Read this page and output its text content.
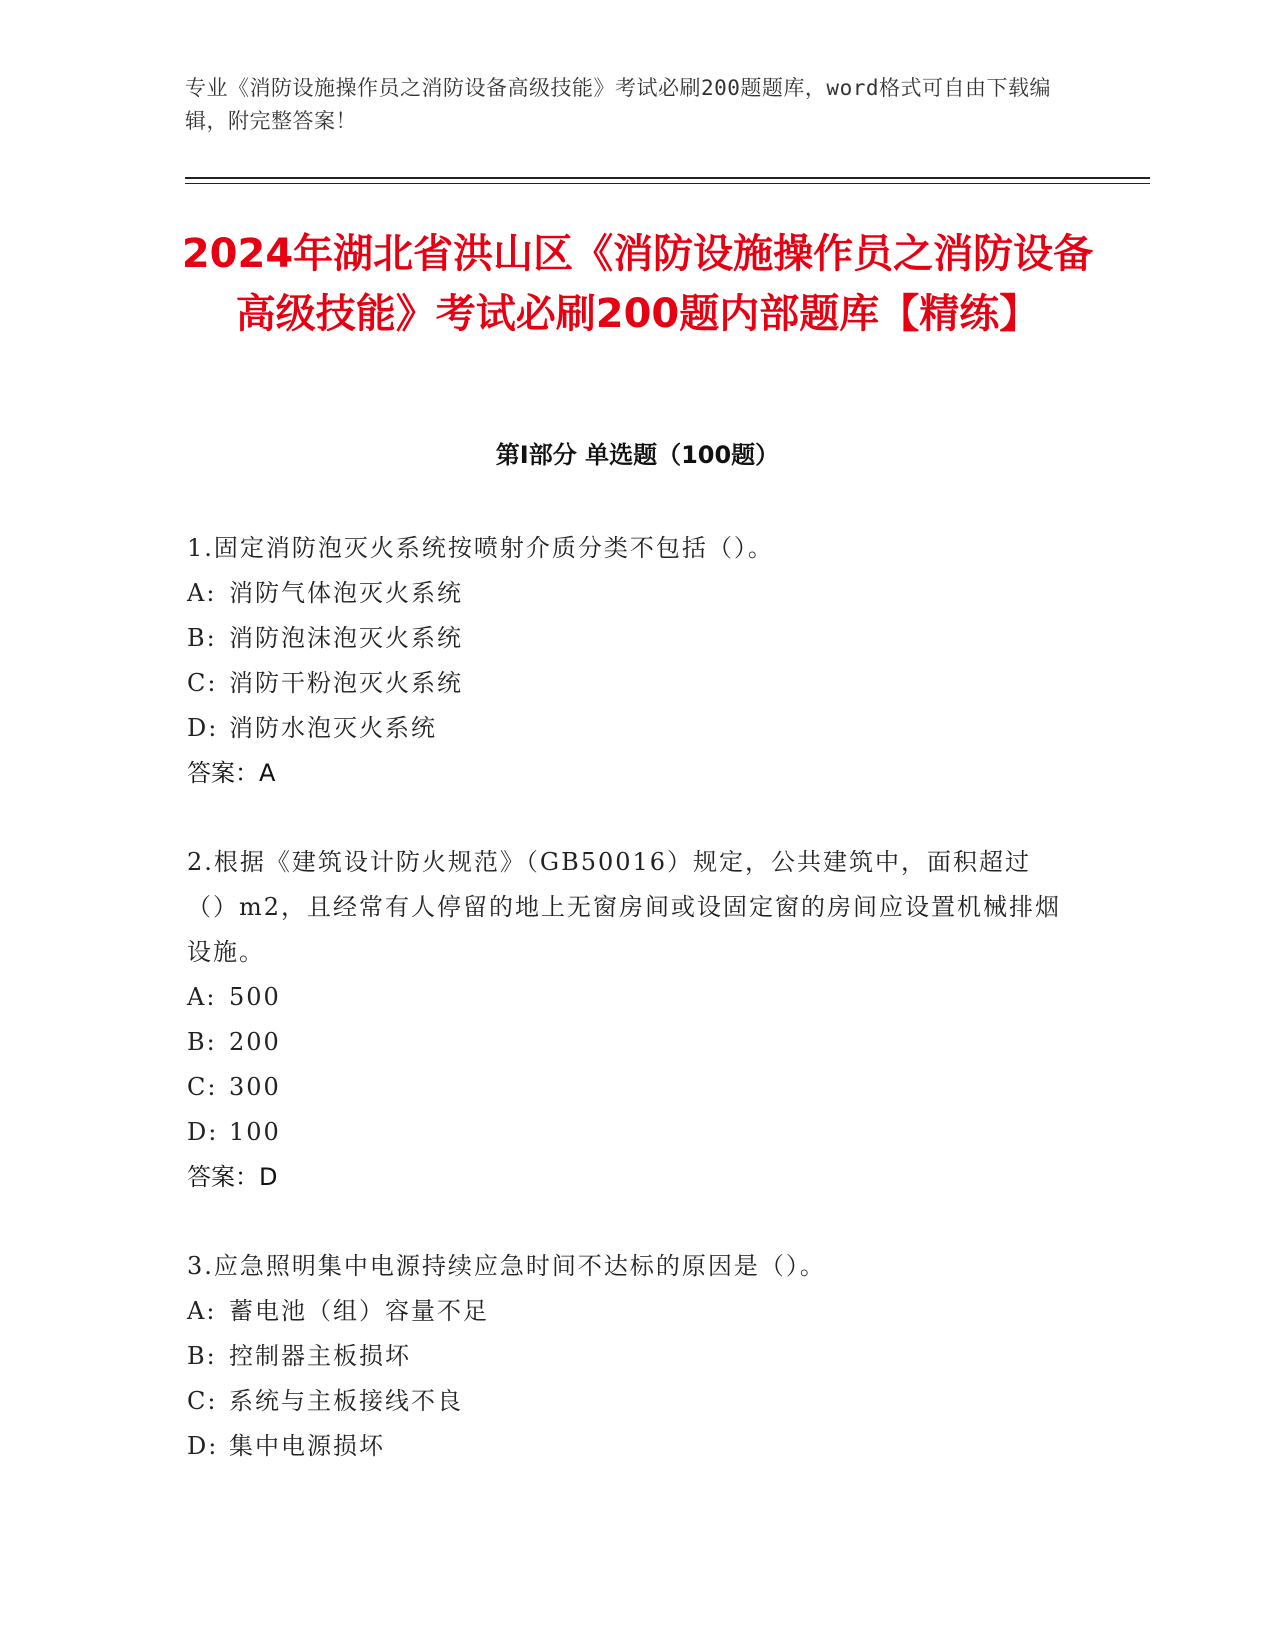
专业《消防设施操作员之消防设备高级技能》考试必刷200题题库，word格式可自由下载编辑，附完整答案！
2024年湖北省洪山区《消防设施操作员之消防设备高级技能》考试必刷200题内部题库【精练】
第I部分 单选题（100题）
1.固定消防泡灭火系统按喷射介质分类不包括（）。
A: 消防气体泡灭火系统
B: 消防泡沫泡灭火系统
C: 消防干粉泡灭火系统
D: 消防水泡灭火系统
答案：A
2.根据《建筑设计防火规范》（GB50016）规定，公共建筑中，面积超过（）m2，且经常有人停留的地上无窗房间或设固定窗的房间应设置机械排烟设施。
A: 500
B: 200
C: 300
D: 100
答案：D
3.应急照明集中电源持续应急时间不达标的原因是（）。
A: 蓄电池（组）容量不足
B: 控制器主板损坏
C: 系统与主板接线不良
D: 集中电源损坏
